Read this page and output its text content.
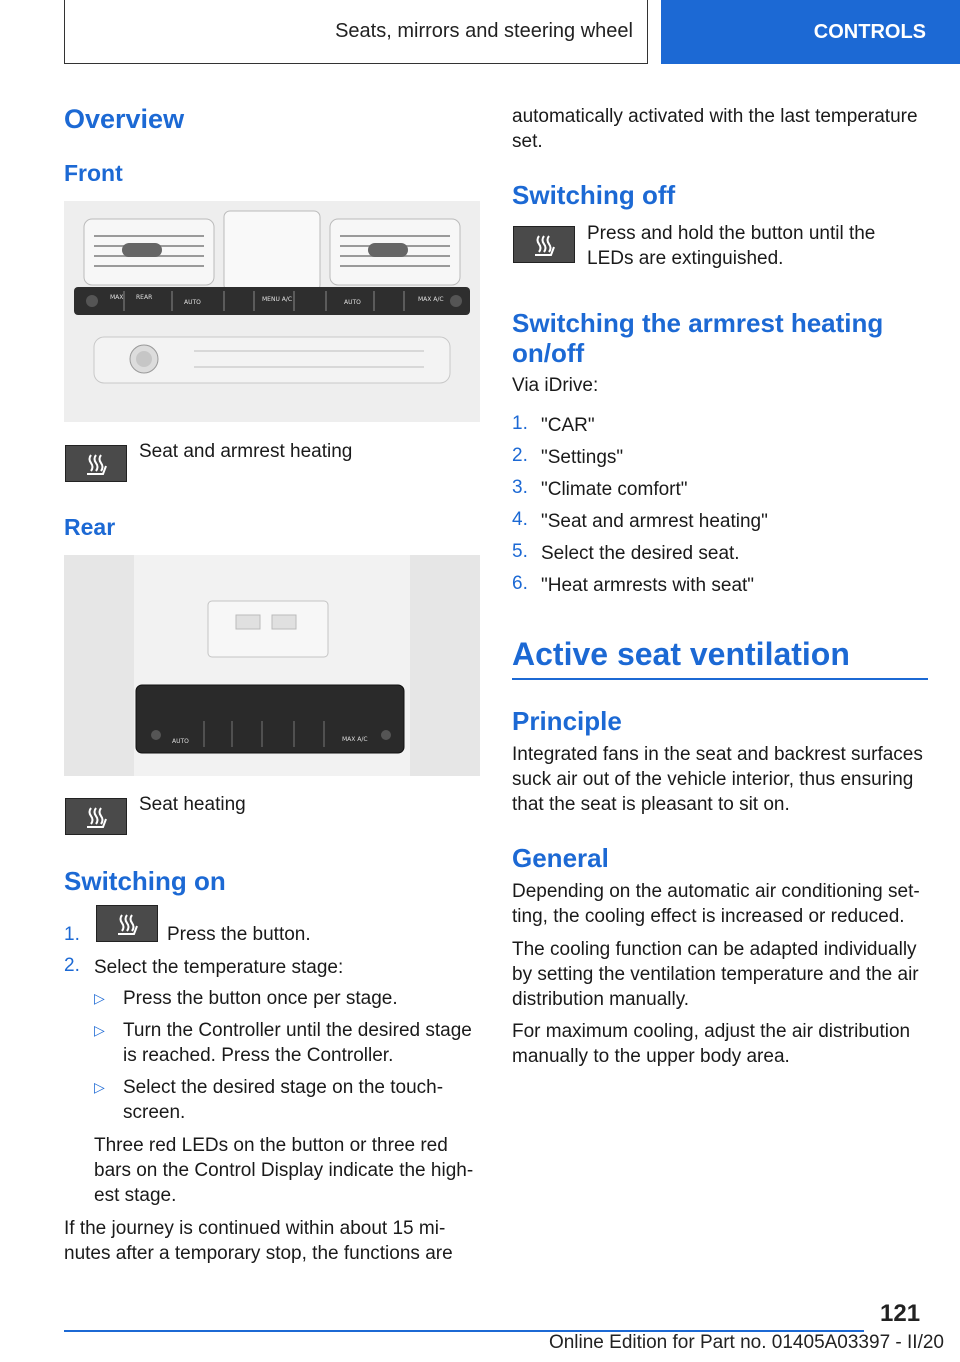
Seats, mirrors and steering wheel	CONTROLS
Overview
Front
MAX REAR
AUTO	MENU A/C	AUTO	MAX A/C
Seat and armrest heating
Rear
AUTO	MAX A/C
Seat heating
Switching on
1.	Press the button.
2. Select the temperature stage:
▷ Press the button once per stage.
▷ Turn the Controller until the desired stage
is reached. Press the Controller.
▷ Select the desired stage on the touch-
screen.
Three red LEDs on the button or three red
bars on the Control Display indicate the high-
est stage.
If the journey is continued within about 15 mi-
nutes after a temporary stop, the functions are
automatically activated with the last temperature
set.
Switching off
Press and hold the button until the
LEDs are extinguished.
Switching the armrest heating
on/off
Via iDrive:
1. "CAR"
2. "Settings"
3. "Climate comfort"
4. "Seat and armrest heating"
5. Select the desired seat.
6. "Heat armrests with seat"
Active seat ventilation
Principle
Integrated fans in the seat and backrest surfaces
suck air out of the vehicle interior, thus ensuring
that the seat is pleasant to sit on.
General
Depending on the automatic air conditioning set-
ting, the cooling effect is increased or reduced.
The cooling function can be adapted individually
by setting the ventilation temperature and the air
distribution manually.
For maximum cooling, adjust the air distribution
manually to the upper body area.
121
Online Edition for Part no. 01405A03397 - II/20
